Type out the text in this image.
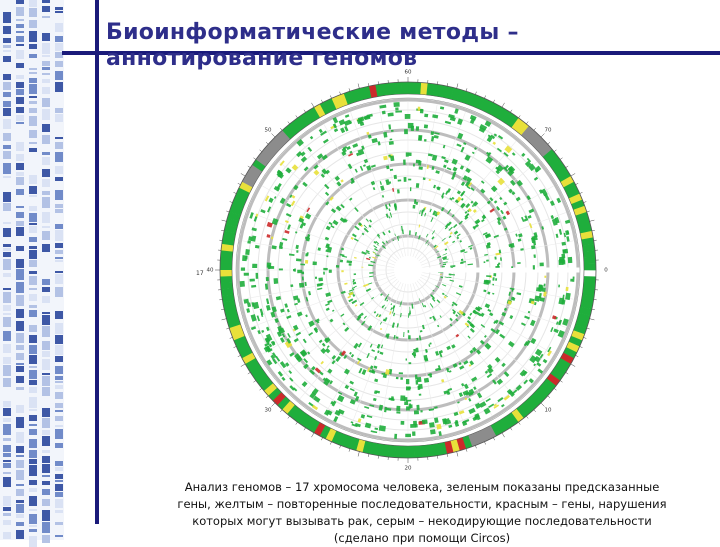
Биоинформатические методы – аннотирование геномов
0
10
20
30
40
50
60
70
17
Анализ геномов – 17 хромосома человека, зеленым показаны предсказанные
гены, желтым – повторенные последовательности, красным – гены, нарушения
которых могут вызывать рак, серым – некодирующие последовательности
(сделано при помощи Circos)
